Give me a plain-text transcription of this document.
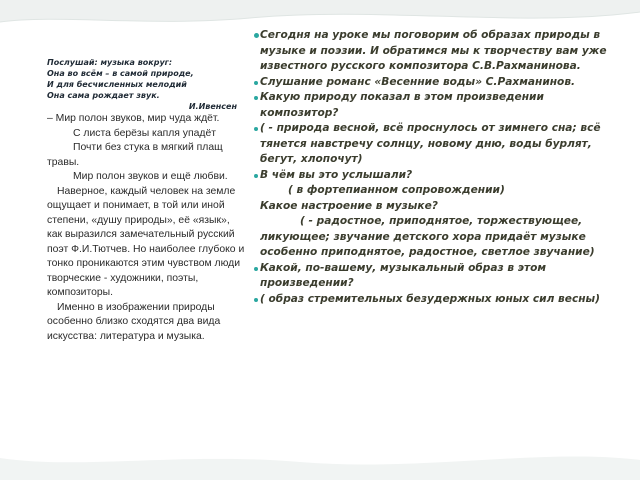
Послушай: музыка вокруг:
Она во всём – в самой природе,
И для бесчисленных мелодий
Она сама рождает звук.
И.Ивенсен

– Мир полон звуков, мир чуда ждёт.

С листа берёзы капля упадёт

Почти без стука в мягкий плащ травы.

Мир полон звуков и ещё любви.

Наверное, каждый человек на земле ощущает и понимает, в той или иной степени, «душу природы», её «язык», как выразился замечательный русский поэт Ф.И.Тютчев. Но наиболее глубоко и тонко проникаются этим чувством люди творческие - художники, поэты, композиторы.

Именно в изображении природы особенно близко сходятся два вида искусства: литература и музыка.

Сегодня на уроке мы поговорим об образах природы в музыке и поэзии. И обратимся мы к творчеству вам уже известного русского композитора С.В.Рахманинова.

Слушание романс «Весенние воды» С.Рахманинов.

Какую природу показал в этом произведении композитор?

( - природа весной, всё проснулось от зимнего сна; всё тянется навстречу солнцу, новому дню, воды бурлят, бегут, хлопочут)

В чём вы это услышали?

( в фортепианном сопровождении)

Какое настроение в музыке?

( - радостное, приподнятое, торжествующее, ликующее; звучание детского хора придаёт музыке особенно приподнятое, радостное, светлое звучание)

Какой, по-вашему, музыкальный образ в этом произведении?

( образ стремительных безудержных юных сил весны)
